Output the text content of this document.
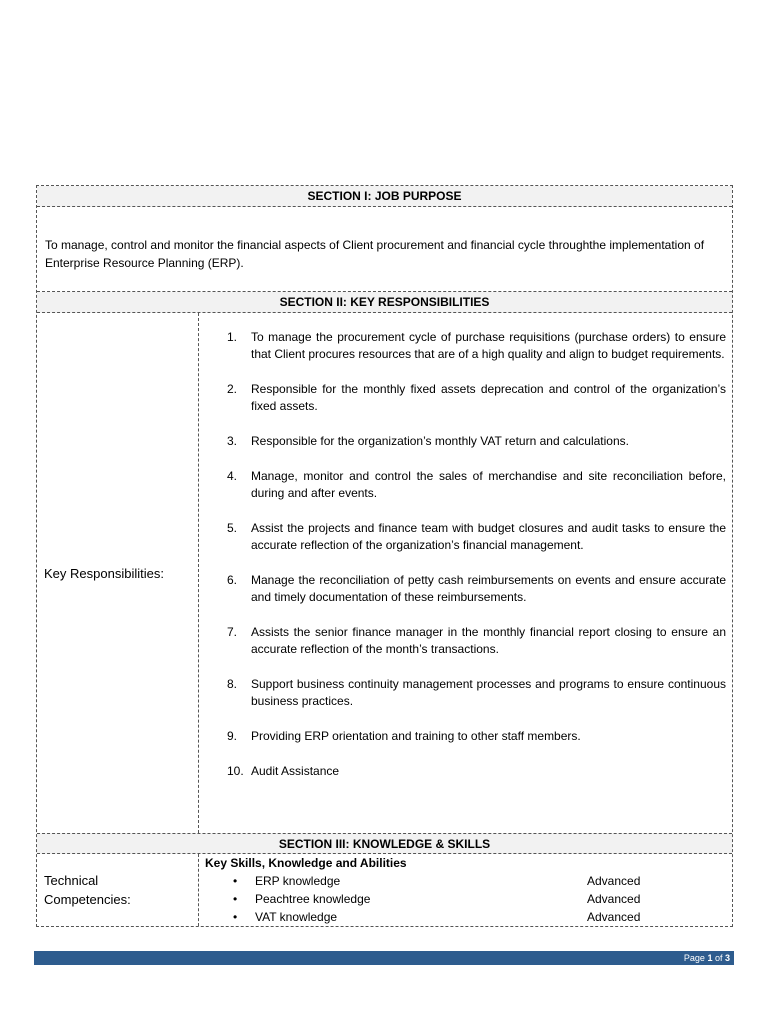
SECTION I: JOB PURPOSE
To manage, control and monitor the financial aspects of Client procurement and financial cycle throughthe implementation of Enterprise Resource Planning (ERP).
SECTION II: KEY RESPONSIBILITIES
Key Responsibilities:
1.	To manage the procurement cycle of purchase requisitions (purchase orders) to ensure that Client procures resources that are of a high quality and align to budget requirements.
2.	Responsible for the monthly fixed assets deprecation and control of the organization’s fixed assets.
3.	Responsible for the organization’s monthly VAT return and calculations.
4.	Manage, monitor and control the sales of merchandise and site reconciliation before, during and after events.
5.	Assist the projects and finance team with budget closures and audit tasks to ensure the accurate reflection of the organization’s financial management.
6.	Manage the reconciliation of petty cash reimbursements on events and ensure accurate and timely documentation of these reimbursements.
7.	Assists the senior finance manager in the monthly financial report closing to ensure an accurate reflection of the month’s transactions.
8.	Support business continuity management processes and programs to ensure continuous business practices.
9.	Providing ERP orientation and training to other staff members.
10. Audit Assistance
SECTION III: KNOWLEDGE & SKILLS
Technical
Competencies:
Key Skills, Knowledge and Abilities
•	ERP knowledge	Advanced
•	Peachtree knowledge	Advanced
•	VAT knowledge	Advanced
Page 1 of 3
